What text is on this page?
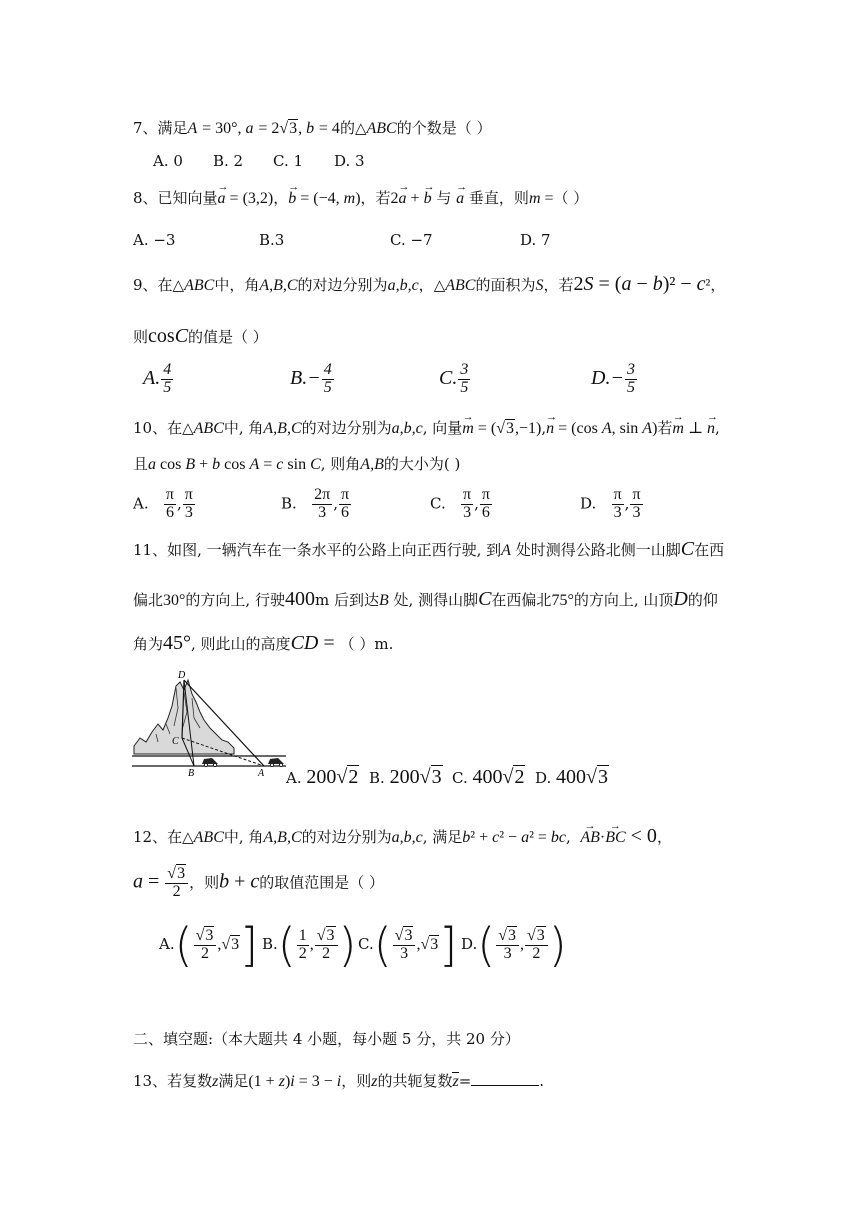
7、满足A = 30°, a = 2√3, b = 4的△ABC的个数是（ ）
A. 0 B. 2 C. 1 D. 3
8、已知向量→ a = (3,2)，→ b = (−4, m)，若2→ a + → b 与 → a 垂直，则m =（ ）
A. −3	B.3	C. −7	D. 7
9、在△ABC中，角A,B,C的对边分别为a,b,c，△ABC的面积为S，若2S = (a − b)² − c²，
则cosC的值是（ ）
A. $\frac{4}{5}$	$B.- \frac{4}{5}$	C. $\frac{3}{5}$	$D.- \frac{3}{5}$
10、在△ABC中, 角A,B,C的对边分别为a,b,c, 向量→ m = (√3,−1),→ n = (cos A, sin A)若→ m ⊥ → n,
且a cos B + b cos A = c sin C, 则角A,B的大小为( )
A. $\frac{\pi}{6}$ , $\frac{\pi}{3}$	B. $\frac{2\pi}{3}$ , $\frac{\pi}{6}$	C. $\frac{\pi}{3}$ , $\frac{\pi}{6}$	D. $\frac{\pi}{3}$ , $\frac{\pi}{3}$
11、如图, 一辆汽车在一条水平的公路上向正西行驶, 到A 处时测得公路北侧一山脚C在西
偏北30°的方向上, 行驶400m 后到达B 处, 测得山脚C在西偏北75°的方向上, 山顶D的仰
角为45°, 则此山的高度CD = （ ）m.
D
C
B	A A. 200√2 B. 200√3 C. 400√2 D. 400√3
12、在△ABC中, 角A,B,C的对边分别为a,b,c, 满足b² + c² − a² = bc, → AB·→ BC < 0，
$a = \frac{√3}{2}$ ，则b + c的取值范围是（ ）
$A.( \frac{√3}{2} ,√3]$ $B.( \frac{1}{2}$ , $\frac{√3}{2}$ ) $C.( \frac{√3}{3} ,√3]$ $D.( \frac{√3}{3}$ , $\frac{√3}{2}$ )
二、填空题:（本大题共 4 小题，每小题 5 分，共 20 分）
13、若复数z满足(1 + z)i = 3 − i，则z的共轭复数z=	.
